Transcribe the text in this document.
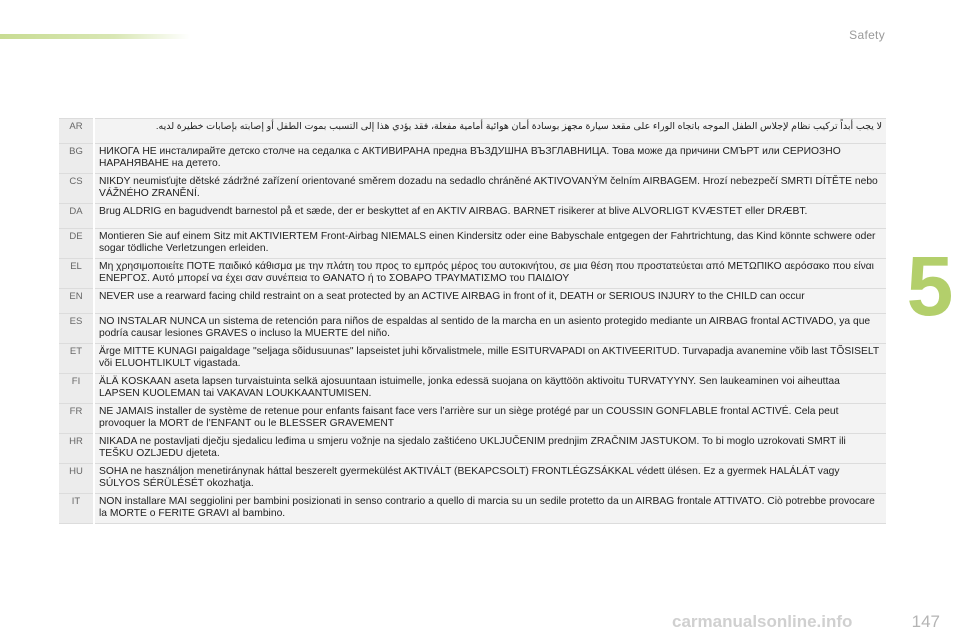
Safety
5
AR	لا يجب أبداً تركيب نظام لإجلاس الطفل الموجه باتجاه الوراء على مقعد سيارة مجهز بوسادة أمان هوائية أمامية مفعلة، فقد يؤدي هذا إلى التسبب بموت الطفل أو إصابته بإصابات خطيرة لديه.
BG	НИКОГА НЕ инсталирайте детско столче на седалка с АКТИВИРАНА предна ВЪЗДУШНА ВЪЗГЛАВНИЦА. Това може да причини СМЪРТ или СЕРИОЗНО НАРАНЯВАНЕ на детето.
CS	NIKDY neumisťujte dětské zádržné zařízení orientované směrem dozadu na sedadlo chráněné AKTIVOVANÝM čelním AIRBAGEM. Hrozí nebezpečí SMRTI DÍTĚTE nebo VÁŽNÉHO ZRANĚNÍ.
DA	Brug ALDRIG en bagudvendt barnestol på et sæde, der er beskyttet af en AKTIV AIRBAG. BARNET risikerer at blive ALVORLIGT KVÆSTET eller DRÆBT.
DE	Montieren Sie auf einem Sitz mit AKTIVIERTEM Front-Airbag NIEMALS einen Kindersitz oder eine Babyschale entgegen der Fahrtrichtung, das Kind könnte schwere oder sogar tödliche Verletzungen erleiden.
EL	Μη χρησιμοποιείτε ΠΟΤΕ παιδικό κάθισμα με την πλάτη του προς το εμπρός μέρος του αυτοκινήτου, σε μια θέση που προστατεύεται από ΜΕΤΩΠΙΚΟ αερόσακο που είναι ΕΝΕΡΓΟΣ. Αυτό μπορεί να έχει σαν συνέπεια το ΘΑΝΑΤΟ ή το ΣΟΒΑΡΟ ΤΡΑΥΜΑΤΙΣΜΟ του ΠΑΙΔΙΟΥ
EN	NEVER use a rearward facing child restraint on a seat protected by an ACTIVE AIRBAG in front of it, DEATH or SERIOUS INJURY to the CHILD can occur
ES	NO INSTALAR NUNCA un sistema de retención para niños de espaldas al sentido de la marcha en un asiento protegido mediante un AIRBAG frontal ACTIVADO, ya que podría causar lesiones GRAVES o incluso la MUERTE del niño.
ET	Ärge MITTE KUNAGI paigaldage "seljaga sõidusuunas" lapseistet juhi kõrvalistmele, mille ESITURVAPADI on AKTIVEERITUD. Turvapadja avanemine võib last TÕSISELT või ELUOHTLIKULT vigastada.
FI	ÄLÄ KOSKAAN aseta lapsen turvaistuinta selkä ajosuuntaan istuimelle, jonka edessä suojana on käyttöön aktivoitu TURVATYYNY. Sen laukeaminen voi aiheuttaa LAPSEN KUOLEMAN tai VAKAVAN LOUKKAANTUMISEN.
FR	NE JAMAIS installer de système de retenue pour enfants faisant face vers l’arrière sur un siège protégé par un COUSSIN GONFLABLE frontal ACTIVÉ. Cela peut provoquer la MORT de l’ENFANT ou le BLESSER GRAVEMENT
HR	NIKADA ne postavljati dječju sjedalicu leđima u smjeru vožnje na sjedalo zaštićeno UKLJUČENIM prednjim ZRAČNIM JASTUKOM. To bi moglo uzrokovati SMRT ili TEŠKU OZLJEDU djeteta.
HU	SOHA ne használjon menetiránynak háttal beszerelt gyermekülést AKTIVÁLT (BEKAPCSOLT) FRONTLÉGZSÁKKAL védett ülésen. Ez a gyermek HALÁLÁT vagy SÚLYOS SÉRÜLÉSÉT okozhatja.
IT	NON installare MAI seggiolini per bambini posizionati in senso contrario a quello di marcia su un sedile protetto da un AIRBAG frontale ATTIVATO. Ciò potrebbe provocare la MORTE o FERITE GRAVI al bambino.
carmanualsonline.info	147
